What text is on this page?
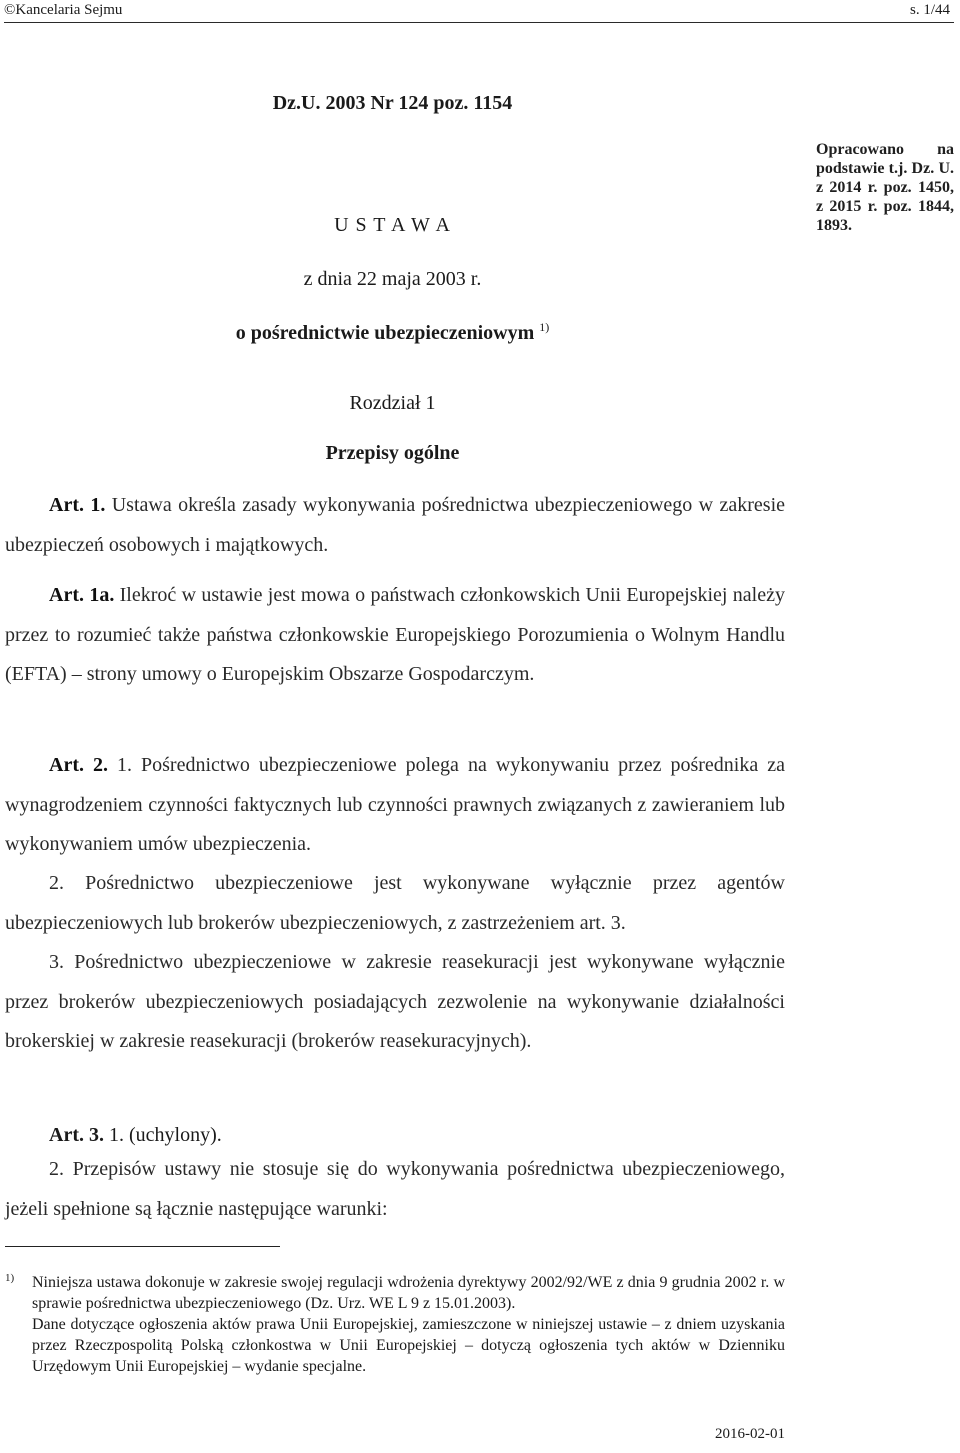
©Kancelaria Sejmu	s. 1/44
Dz.U. 2003 Nr 124 poz. 1154
Opracowano na podstawie t.j. Dz. U. z 2014 r. poz. 1450, z 2015 r. poz. 1844, 1893.
U S T A W A
z dnia 22 maja 2003 r.
o pośrednictwie ubezpieczeniowym $^{1)}$
Rozdział 1
Przepisy ogólne
Art. 1. Ustawa określa zasady wykonywania pośrednictwa ubezpieczeniowego w zakresie ubezpieczeń osobowych i majątkowych.
Art. 1a. Ilekroć w ustawie jest mowa o państwach członkowskich Unii Europejskiej należy przez to rozumieć także państwa członkowskie Europejskiego Porozumienia o Wolnym Handlu (EFTA) – strony umowy o Europejskim Obszarze Gospodarczym.
Art. 2. 1. Pośrednictwo ubezpieczeniowe polega na wykonywaniu przez pośrednika za wynagrodzeniem czynności faktycznych lub czynności prawnych związanych z zawieraniem lub wykonywaniem umów ubezpieczenia.
2. Pośrednictwo ubezpieczeniowe jest wykonywane wyłącznie przez agentów ubezpieczeniowych lub brokerów ubezpieczeniowych, z zastrzeżeniem art. 3.
3. Pośrednictwo ubezpieczeniowe w zakresie reasekuracji jest wykonywane wyłącznie przez brokerów ubezpieczeniowych posiadających zezwolenie na wykonywanie działalności brokerskiej w zakresie reasekuracji (brokerów reasekuracyjnych).
Art. 3. 1. (uchylony).
2. Przepisów ustawy nie stosuje się do wykonywania pośrednictwa ubezpieczeniowego, jeżeli spełnione są łącznie następujące warunki:
1) Niniejsza ustawa dokonuje w zakresie swojej regulacji wdrożenia dyrektywy 2002/92/WE z dnia 9 grudnia 2002 r. w sprawie pośrednictwa ubezpieczeniowego (Dz. Urz. WE L 9 z 15.01.2003).

Dane dotyczące ogłoszenia aktów prawa Unii Europejskiej, zamieszczone w niniejszej ustawie – z dniem uzyskania przez Rzeczpospolitą Polską członkostwa w Unii Europejskiej – dotyczą ogłoszenia tych aktów w Dzienniku Urzędowym Unii Europejskiej – wydanie specjalne.

2016-02-01
